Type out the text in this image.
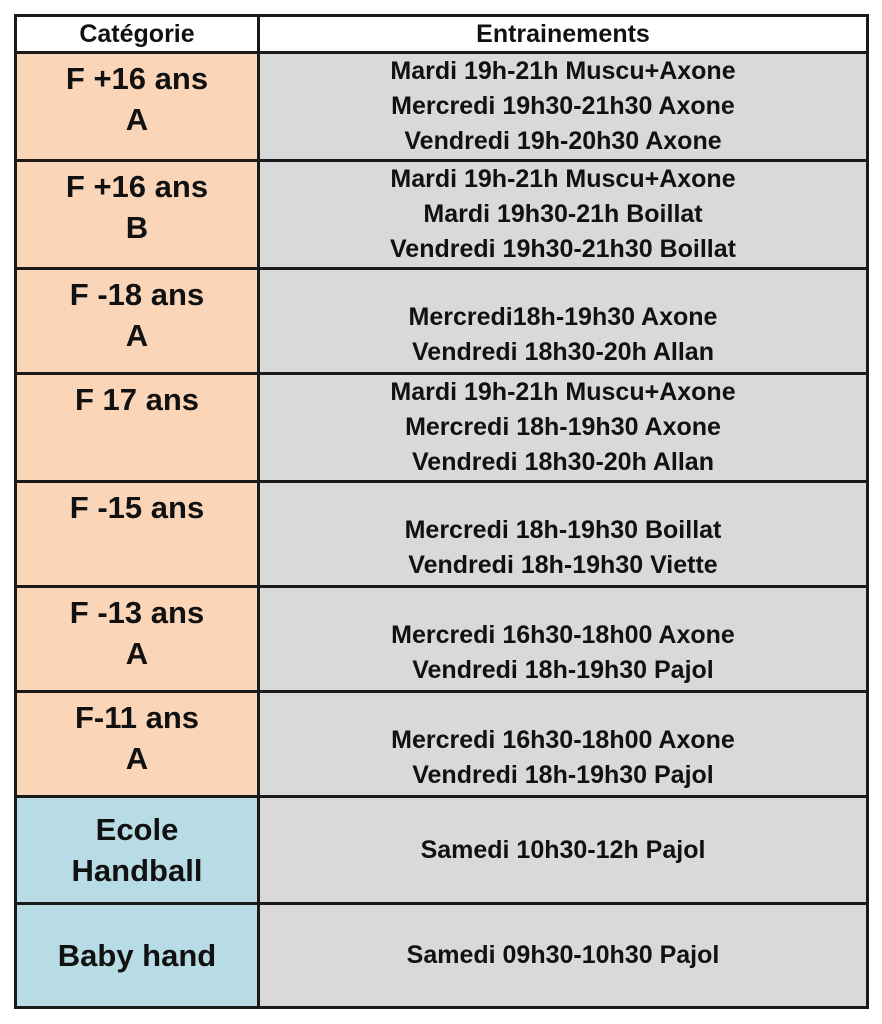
Catégorie	Entrainements

F +16 ans
A	Mardi 19h-21h Muscu+Axone
Mercredi 19h30-21h30 Axone
Vendredi 19h-20h30 Axone

F +16 ans
B	Mardi 19h-21h Muscu+Axone
Mardi 19h30-21h Boillat
Vendredi 19h30-21h30 Boillat

F -18 ans
A	Mercredi18h-19h30 Axone
Vendredi 18h30-20h Allan

F 17 ans	Mardi 19h-21h Muscu+Axone
Mercredi 18h-19h30 Axone
Vendredi 18h30-20h Allan

F -15 ans	Mercredi 18h-19h30 Boillat
Vendredi 18h-19h30 Viette

F -13 ans
A	Mercredi 16h30-18h00 Axone
Vendredi 18h-19h30 Pajol

F-11 ans
A	Mercredi 16h30-18h00 Axone
Vendredi 18h-19h30 Pajol

Ecole
Handball	Samedi 10h30-12h Pajol

Baby hand	Samedi 09h30-10h30 Pajol
